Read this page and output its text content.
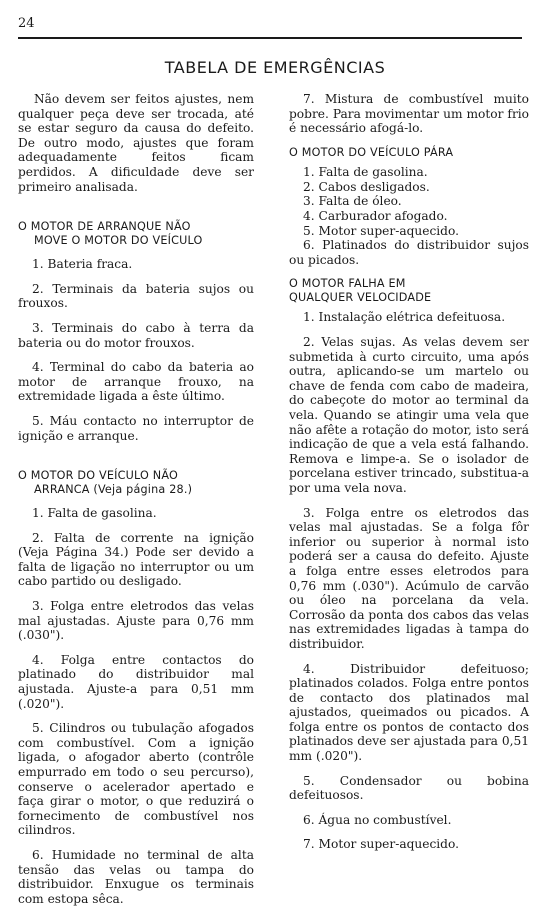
24
TABELA DE EMERGÊNCIAS

Não devem ser feitos ajustes, nem qualquer peça deve ser trocada, até se estar seguro da causa do defeito. De outro modo, ajustes que foram adequadamente feitos ficam perdidos. A dificuldade deve ser primeiro analisada.

O MOTOR DE ARRANQUE NÃO
MOVE O MOTOR DO VEÍCULO

1. Bateria fraca.

2. Terminais da bateria sujos ou frouxos.

3. Terminais do cabo à terra da bateria ou do motor frouxos.

4. Terminal do cabo da bateria ao motor de arranque frouxo, na extremidade ligada a êste último.

5. Máu contacto no interruptor de ignição e arranque.

O MOTOR DO VEÍCULO NÃO
ARRANCA (Veja página 28.)

1. Falta de gasolina.

2. Falta de corrente na ignição (Veja Página 34.) Pode ser devido a falta de ligação no interruptor ou um cabo partido ou desligado.

3. Folga entre eletrodos das velas mal ajustadas. Ajuste para 0,76 mm (.030").

4. Folga entre contactos do platinado do distribuidor mal ajustada. Ajuste-a para 0,51 mm (.020").

5. Cilindros ou tubulação afogados com combustível. Com a ignição ligada, o afogador aberto (contrôle empurrado em todo o seu percurso), conserve o acelerador apertado e faça girar o motor, o que reduzirá o fornecimento de combustível nos cilindros.

6. Humidade no terminal de alta tensão das velas ou tampa do distribuidor. Enxugue os terminais com estopa sêca.

7. Mistura de combustível muito pobre. Para movimentar um motor frio é necessário afogá-lo.

O MOTOR DO VEÍCULO PÁRA

1. Falta de gasolina.

2. Cabos desligados.

3. Falta de óleo.

4. Carburador afogado.

5. Motor super-aquecido.

6. Platinados do distribuidor sujos ou picados.

O MOTOR FALHA EM
QUALQUER VELOCIDADE

1. Instalação elétrica defeituosa.

2. Velas sujas. As velas devem ser submetida à curto circuito, uma após outra, aplicando-se um martelo ou chave de fenda com cabo de madeira, do cabeçote do motor ao terminal da vela. Quando se atingir uma vela que não afête a rotação do motor, isto será indicação de que a vela está falhando. Remova e limpe-a. Se o isolador de porcelana estiver trincado, substitua-a por uma vela nova.

3. Folga entre os eletrodos das velas mal ajustadas. Se a folga fôr inferior ou superior à normal isto poderá ser a causa do defeito. Ajuste a folga entre esses eletrodos para 0,76 mm (.030"). Acúmulo de carvão ou óleo na porcelana da vela. Corrosão da ponta dos cabos das velas nas extremidades ligadas à tampa do distribuidor.

4. Distribuidor defeituoso; platinados colados. Folga entre pontos de contacto dos platinados mal ajustados, queimados ou picados. A folga entre os pontos de contacto dos platinados deve ser ajustada para 0,51 mm (.020").

5. Condensador ou bobina defeituosos.

6. Água no combustível.

7. Motor super-aquecido.
